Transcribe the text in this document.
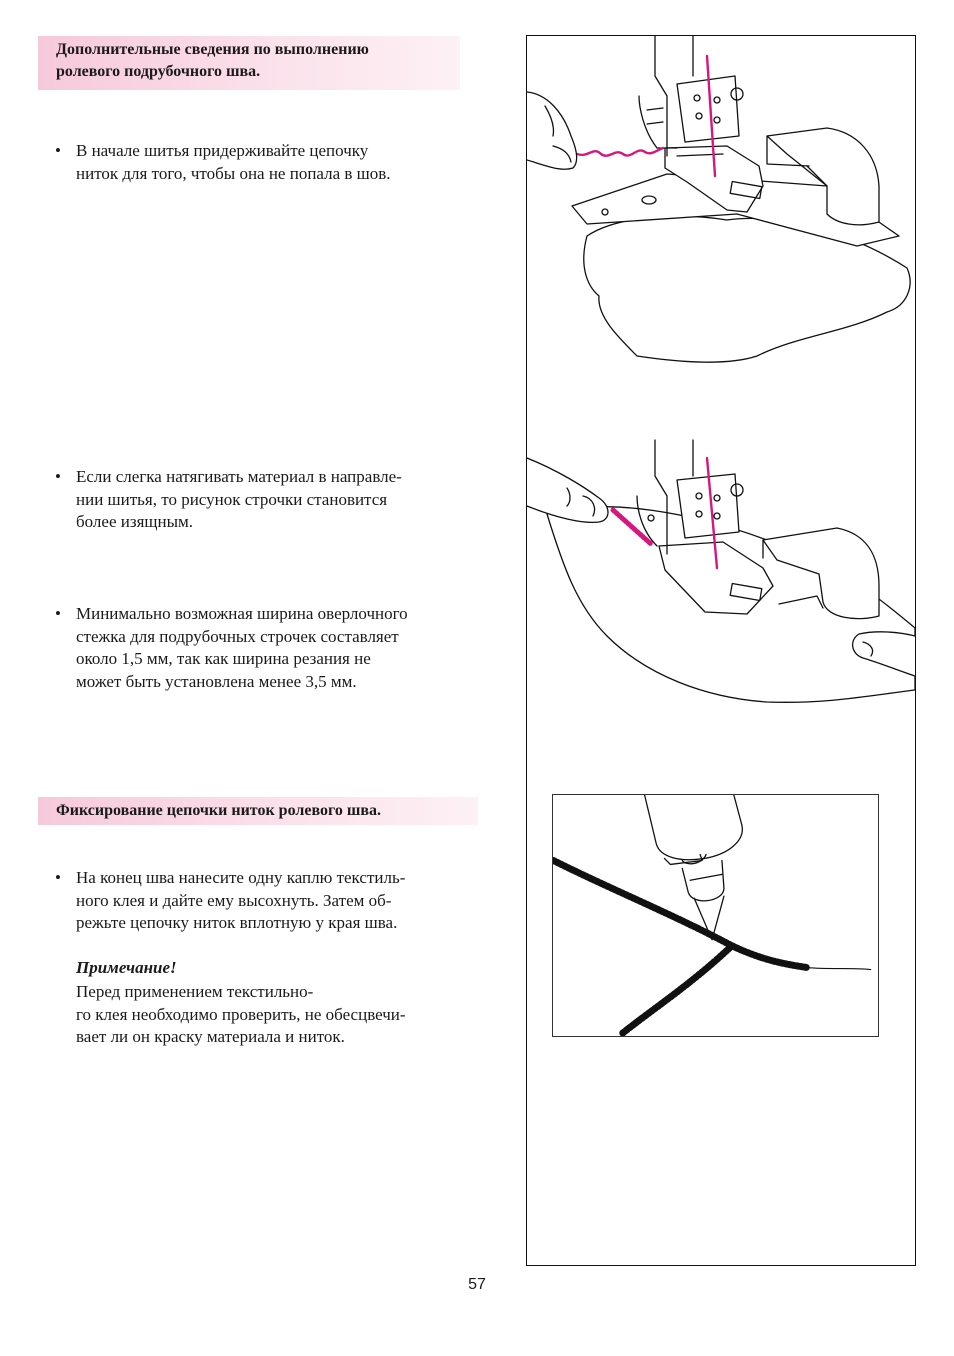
Дополнительные сведения по выполнению
ролевого подрубочного шва.
• В начале шитья придерживайте цепочку
ниток для того, чтобы она не попала в шов.
• Если слегка натягивать материал в направле-
нии шитья, то рисунок строчки становится
более изящным.
• Минимально возможная ширина оверлочного
стежка для подрубочных строчек составляет
около 1,5 мм, так как ширина резания не
может быть установлена менее 3,5 мм.
Фиксирование цепочки ниток ролевого шва.
• На конец шва нанесите одну каплю текстиль-
ного клея и дайте ему высохнуть. Затем об-
режьте цепочку ниток вплотную у края шва.
Примечание!
Перед применением текстильно-
го клея необходимо проверить, не обесцвечи-
вает ли он краску материала и ниток.
57
